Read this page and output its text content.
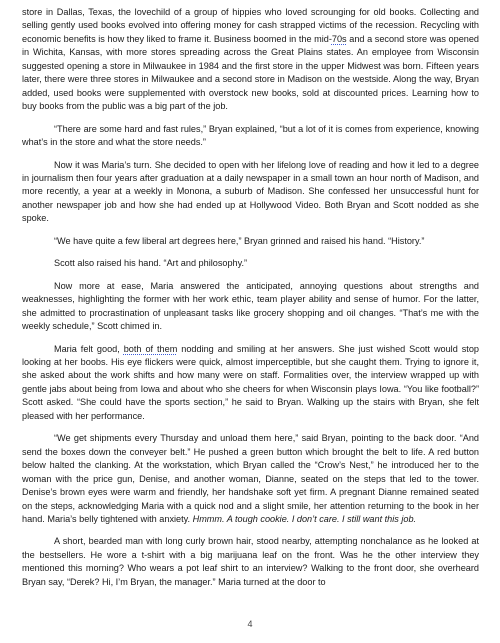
store in Dallas, Texas, the lovechild of a group of hippies who loved scrounging for old books. Collecting and selling gently used books evolved into offering money for cash strapped victims of the recession. Recycling with economic benefits is how they liked to frame it. Business boomed in the mid-70s and a second store was opened in Wichita, Kansas, with more stores spreading across the Great Plains states. An employee from Wisconsin suggested opening a store in Milwaukee in 1984 and the first store in the upper Midwest was born. Fifteen years later, there were three stores in Milwaukee and a second store in Madison on the westside. Along the way, Bryan added, used books were supplemented with overstock new books, sold at discounted prices. Learning how to buy books from the public was a big part of the job.

“There are some hard and fast rules,” Bryan explained, “but a lot of it is comes from experience, knowing what’s in the store and what the store needs.”

Now it was Maria’s turn. She decided to open with her lifelong love of reading and how it led to a degree in journalism then four years after graduation at a daily newspaper in a small town an hour north of Madison, and more recently, a year at a weekly in Monona, a suburb of Madison. She confessed her unsuccessful hunt for another newspaper job and how she had ended up at Hollywood Video. Both Bryan and Scott nodded as she spoke.

“We have quite a few liberal art degrees here,” Bryan grinned and raised his hand. “History.”

Scott also raised his hand. “Art and philosophy.”

Now more at ease, Maria answered the anticipated, annoying questions about strengths and weaknesses, highlighting the former with her work ethic, team player ability and sense of humor. For the latter, she admitted to procrastination of unpleasant tasks like grocery shopping and oil changes. “That’s me with the weekly schedule,” Scott chimed in.

Maria felt good, both of them nodding and smiling at her answers. She just wished Scott would stop looking at her boobs. His eye flickers were quick, almost imperceptible, but she caught them. Trying to ignore it, she asked about the work shifts and how many were on staff. Formalities over, the interview wrapped up with gentle jabs about being from Iowa and about who she cheers for when Wisconsin plays Iowa. “You like football?” Scott asked. “She could have the sports section,” he said to Bryan. Walking up the stairs with Bryan, she felt pleased with her performance.

“We get shipments every Thursday and unload them here,” said Bryan, pointing to the back door. “And send the boxes down the conveyer belt.” He pushed a green button which brought the belt to life. A red button below halted the clanking. At the workstation, which Bryan called the “Crow’s Nest,” he introduced her to the woman with the price gun, Denise, and another woman, Dianne, seated on the steps that led to the tower. Denise’s brown eyes were warm and friendly, her handshake soft yet firm. A pregnant Dianne remained seated on the steps, acknowledging Maria with a quick nod and a slight smile, her attention returning to the book in her hand. Maria’s belly tightened with anxiety. Hmmm. A tough cookie. I don’t care. I still want this job.

A short, bearded man with long curly brown hair, stood nearby, attempting nonchalance as he looked at the bestsellers. He wore a t-shirt with a big marijuana leaf on the front. Was he the other interview they mentioned this morning? Who wears a pot leaf shirt to an interview? Walking to the front door, she overheard Bryan say, “Derek? Hi, I’m Bryan, the manager.” Maria turned at the door to

4
